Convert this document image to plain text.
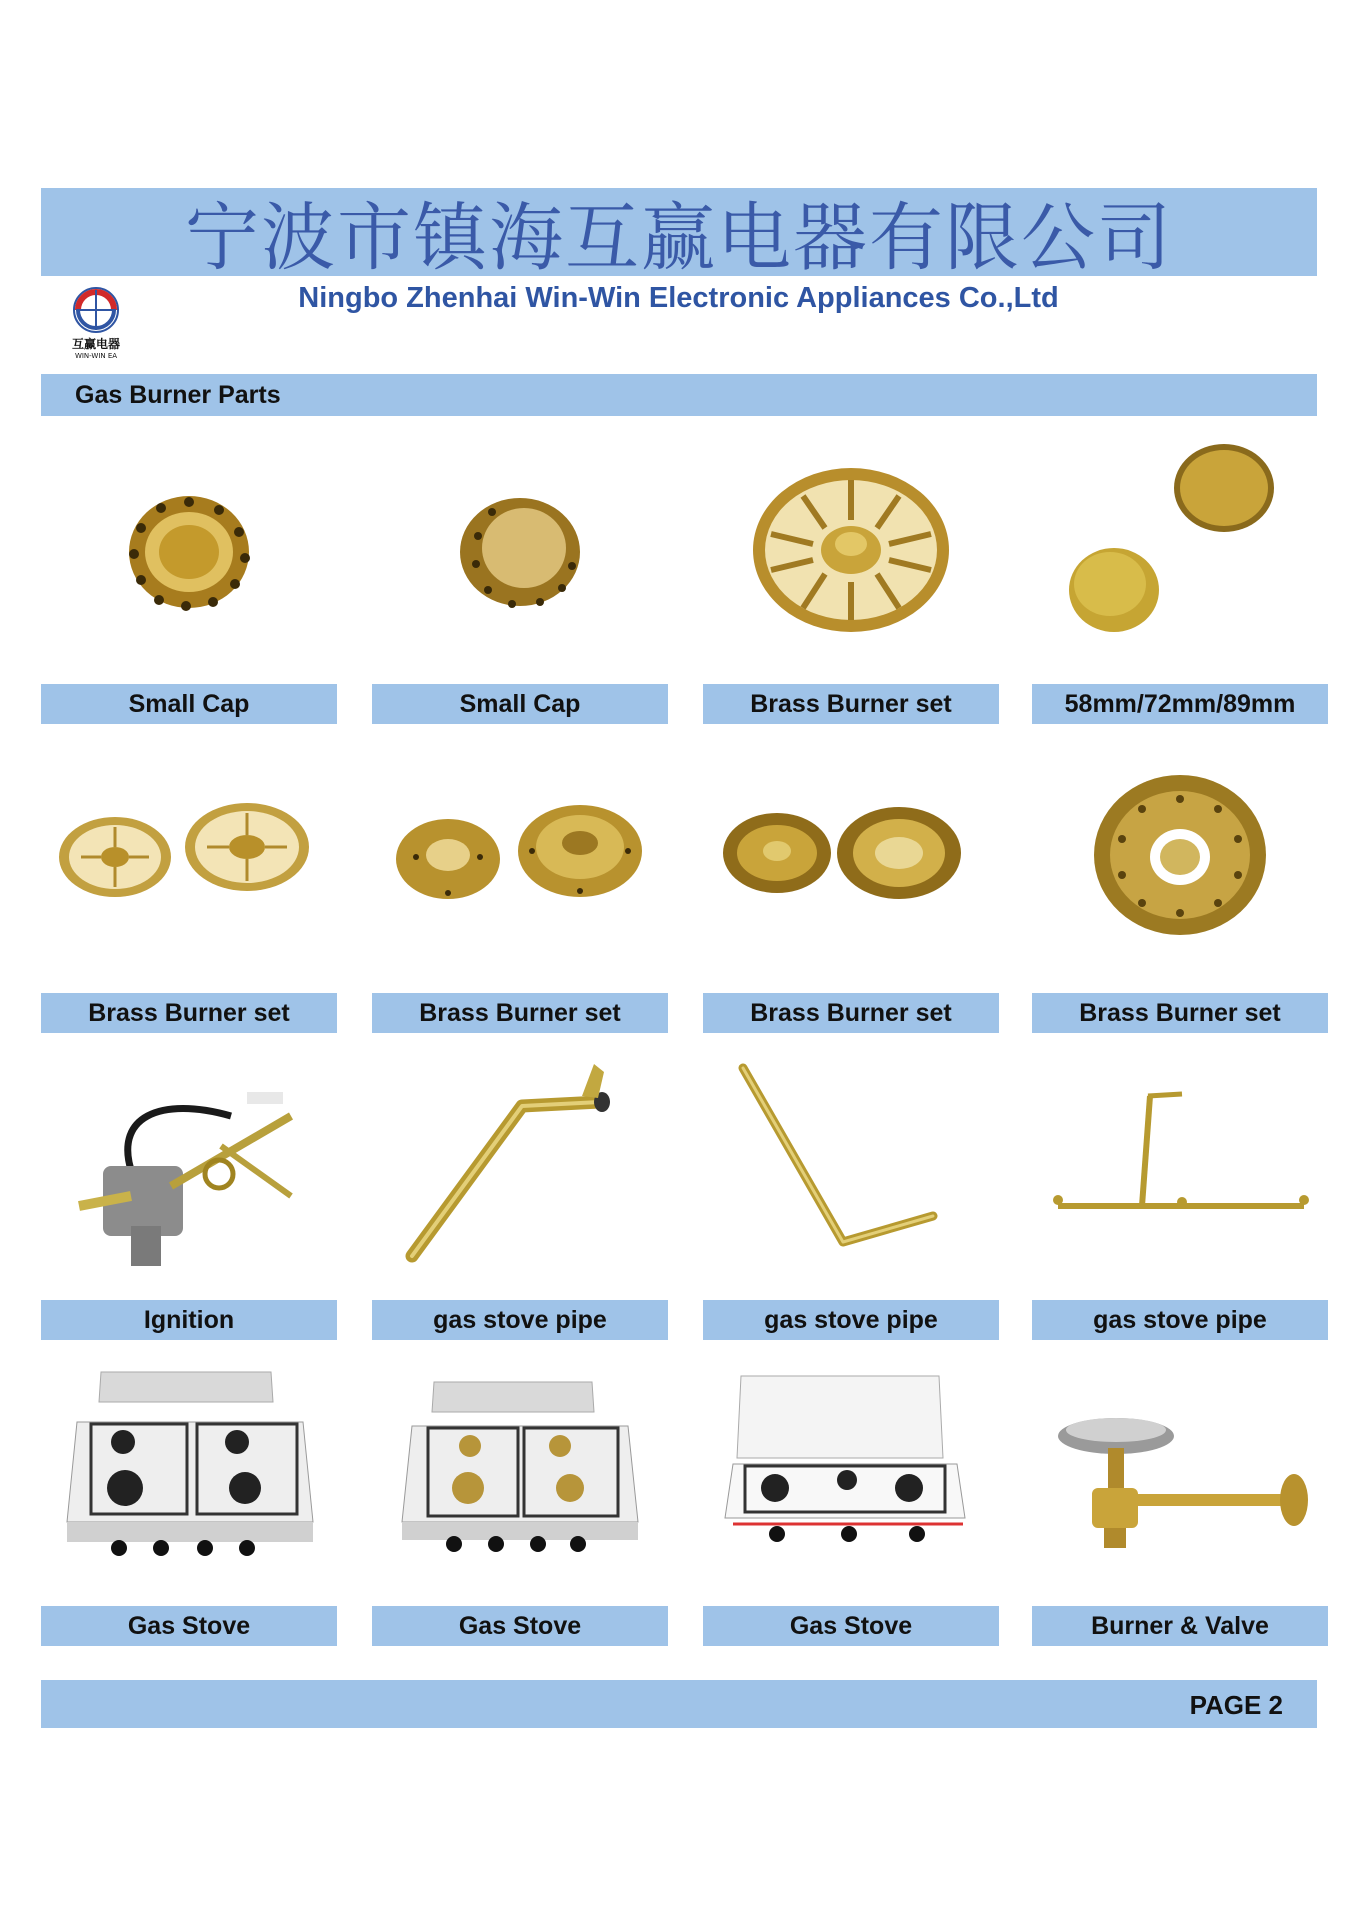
宁波市镇海互赢电器有限公司
互赢电器
WIN-WIN EA
Ningbo Zhenhai Win-Win Electronic Appliances Co.,Ltd
Gas Burner Parts
Small Cap	Small Cap	Brass Burner set	58mm/72mm/89mm
Brass Burner set	Brass Burner set	Brass Burner set	Brass Burner set
Ignition	gas stove pipe	gas stove pipe	gas stove pipe
Gas Stove	Gas Stove	Gas Stove	Burner & Valve
PAGE 2
